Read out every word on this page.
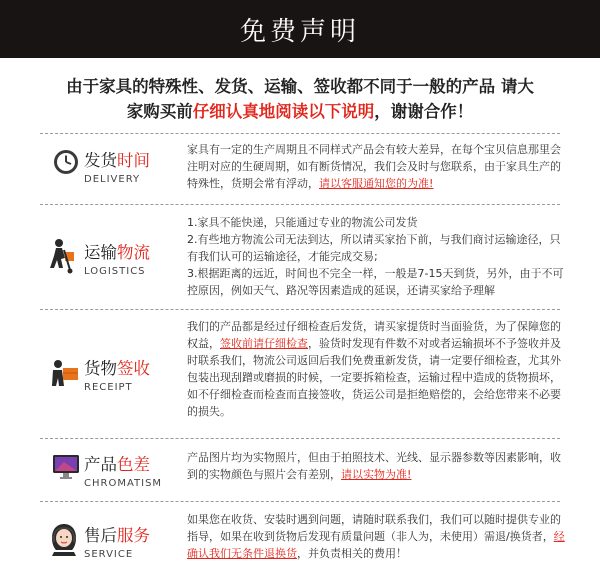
免费声明
由于家具的特殊性、发货、运输、签收都不同于一般的产品 请大
家购买前仔细认真地阅读以下说明，谢谢合作！
发货时间
DELIVERY
家具有一定的生产周期且不同样式产品会有较大差异，在每个宝贝信息那里会注明对应的生硬周期，如有断货情况，我们会及时与您联系，由于家具生产的特殊性，货期会常有浮动，请以客服通知您的为准!
运输物流
LOGISTICS
1.家具不能快递，只能通过专业的物流公司发货
2.有些地方物流公司无法到达，所以请买家抬下前，与我们商讨运输途径，只有我们认可的运输途径，才能完成交易;
3.根据距离的远近，时间也不完全一样，一般是7-15天到货，另外，由于不可控原因，例如天气、路况等因素造成的延误，还请买家给予理解
货物签收
RECEIPT
我们的产品都是经过仔细检查后发货，请买家提货时当面验货，为了保障您的权益，签收前请仔细检查，验货时发现有件数不对或者运输损坏不予签收并及时联系我们，物流公司返回后我们免费重新发货，请一定要仔细检查，尤其外包装出现刮蹭或磨损的时候，一定要拆箱检查，运输过程中造成的货物损坏，如不仔细检查而检查而直接签收，货运公司是拒绝赔偿的，会给您带来不必要的损失。
产品色差
CHROMATISM
产品图片均为实物照片，但由于拍照技术、光线、显示器参数等因素影响，收到的实物颜色与照片会有差别，请以实物为准!
售后服务
SERVICE
如果您在收货、安装时遇到问题，请随时联系我们，我们可以随时提供专业的指导，如果在收到货物后发现有质量问题（非人为，未使用）需退/换货者，经确认我们无条件退换货，并负责相关的费用！
